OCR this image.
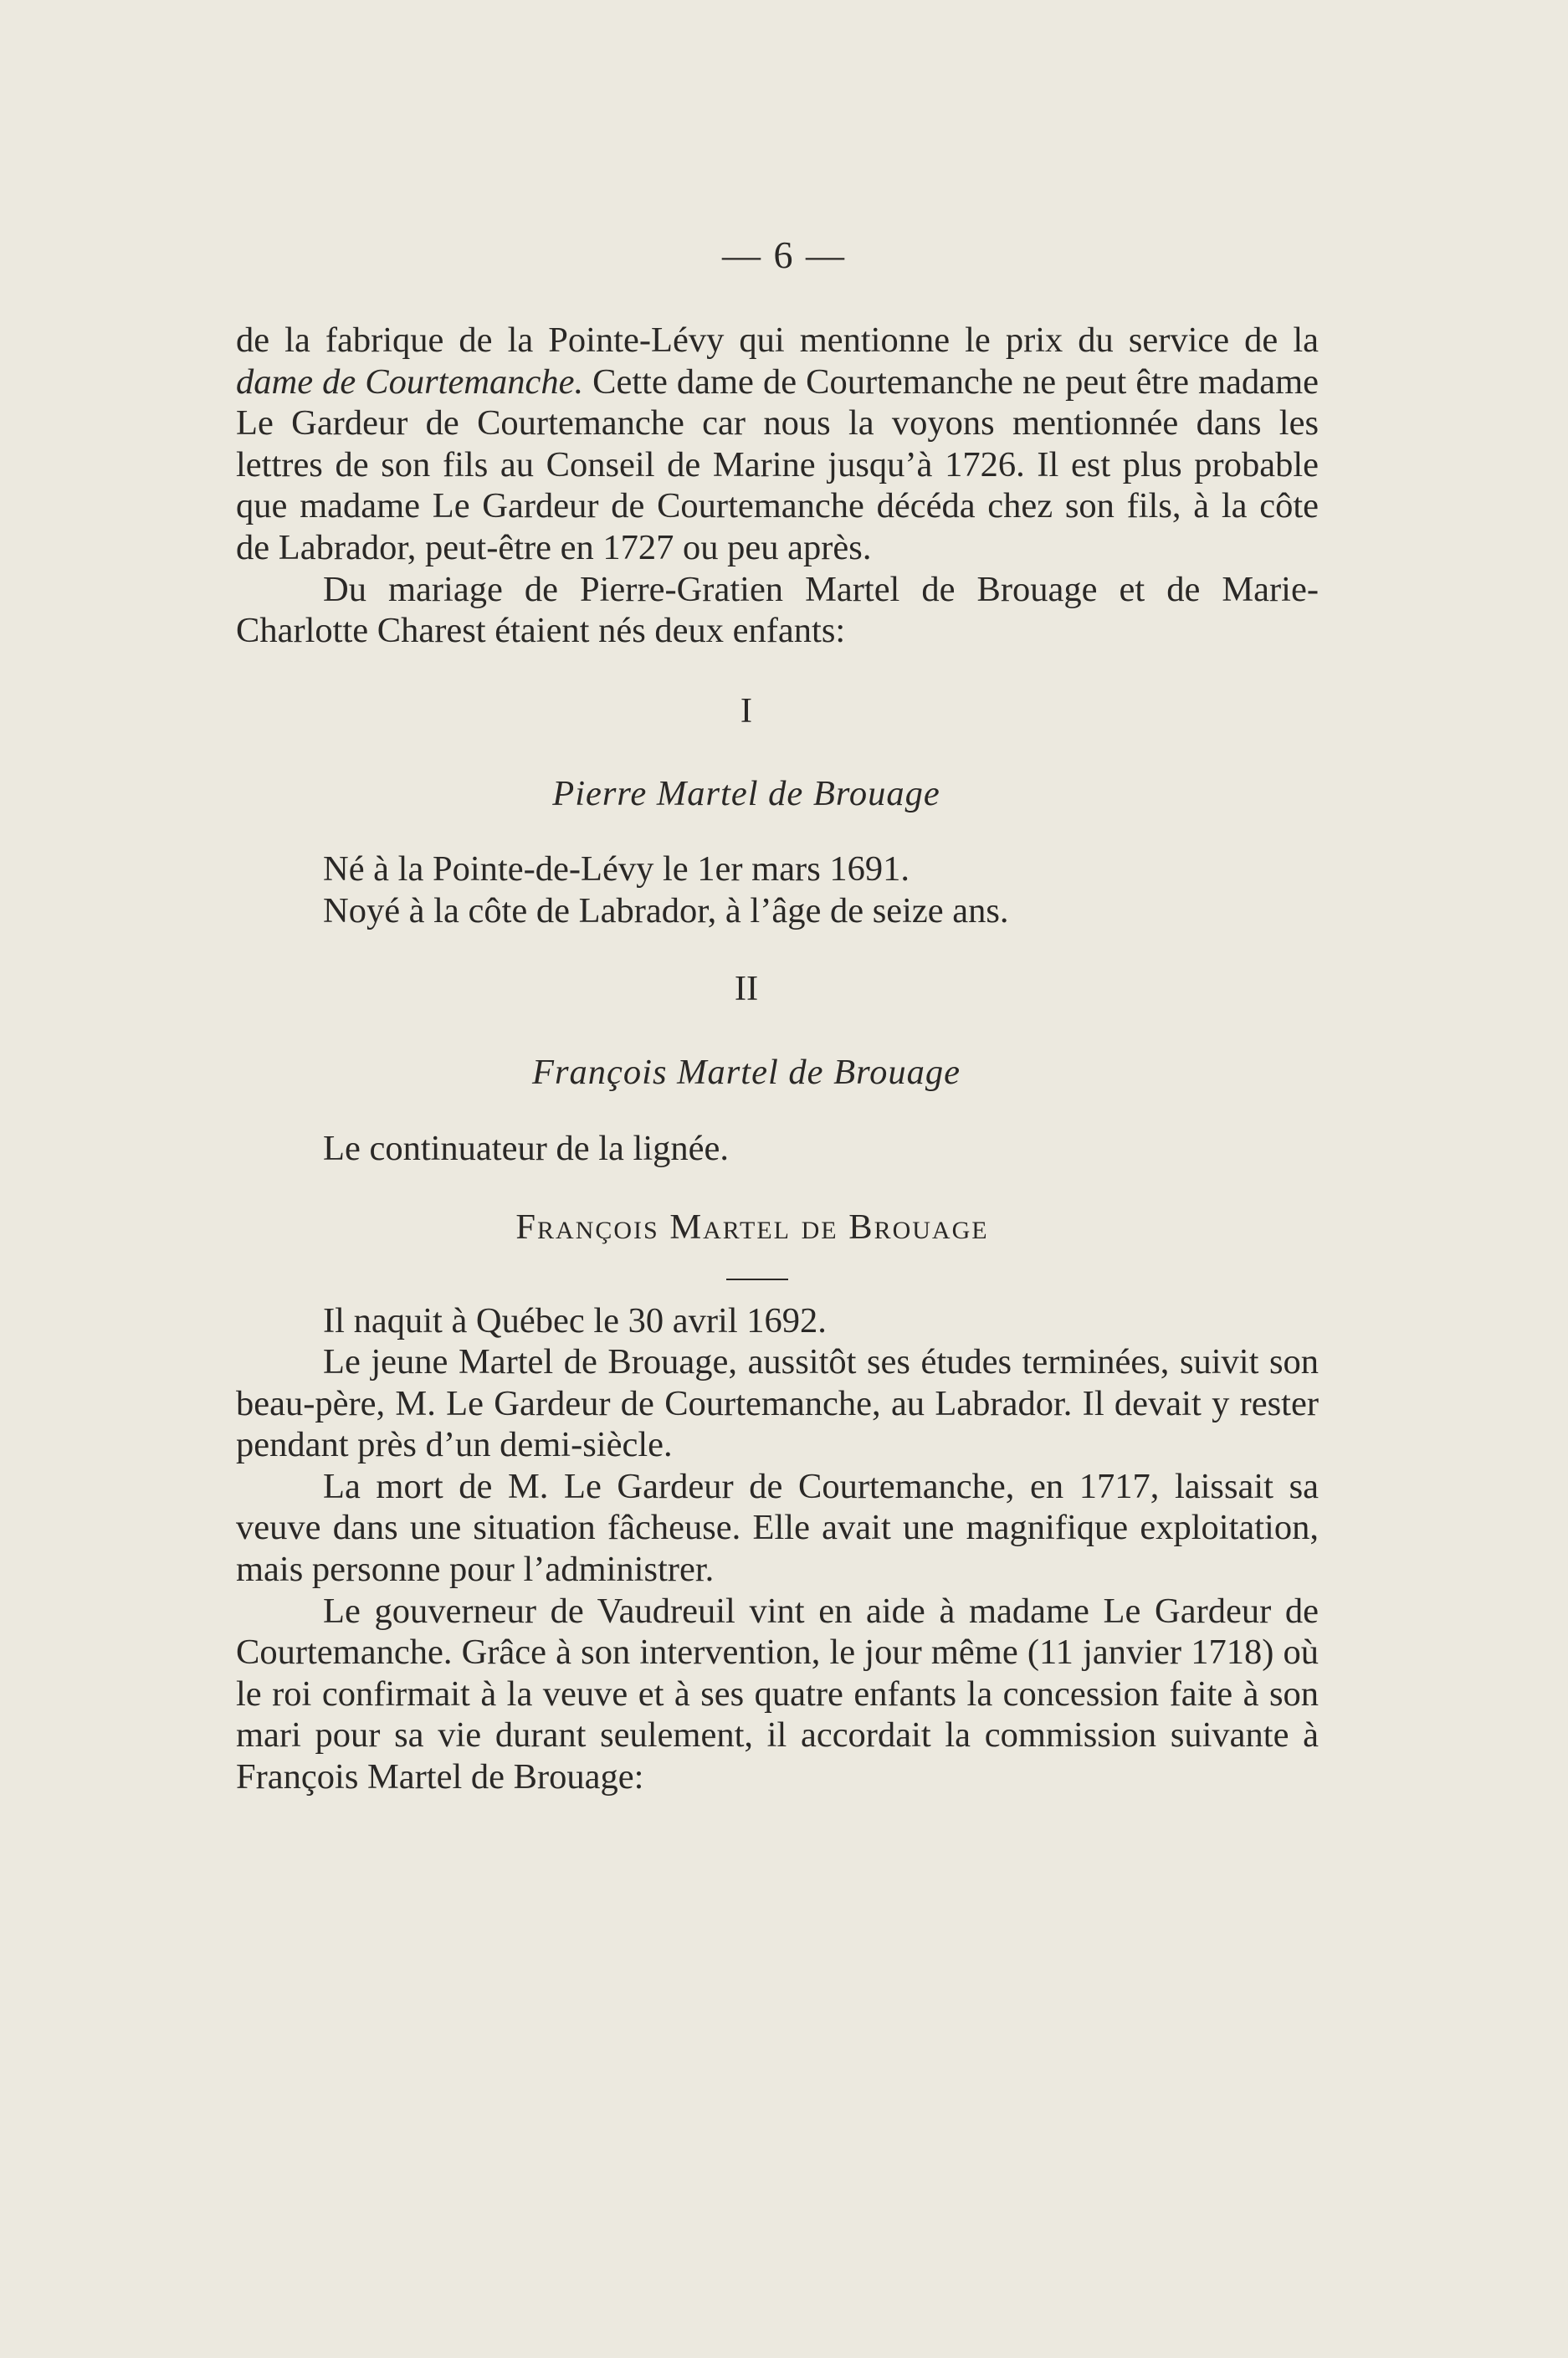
— 6 —

de la fabrique de la Pointe-Lévy qui mentionne le prix du service de la dame de Courtemanche. Cette dame de Courtemanche ne peut être madame Le Gardeur de Courtemanche car nous la voyons mentionnée dans les lettres de son fils au Conseil de Marine jusqu’à 1726. Il est plus probable que madame Le Gardeur de Courtemanche décéda chez son fils, à la côte de Labrador, peut-être en 1727 ou peu après.

Du mariage de Pierre-Gratien Martel de Brouage et de Marie-Charlotte Charest étaient nés deux enfants:

I

Pierre Martel de Brouage

Né à la Pointe-de-Lévy le 1er mars 1691.

Noyé à la côte de Labrador, à l’âge de seize ans.

II

François Martel de Brouage

Le continuateur de la lignée.

François Martel de Brouage

Il naquit à Québec le 30 avril 1692.

Le jeune Martel de Brouage, aussitôt ses études terminées, suivit son beau-père, M. Le Gardeur de Courtemanche, au Labrador. Il devait y rester pendant près d’un demi-siècle.

La mort de M. Le Gardeur de Courtemanche, en 1717, laissait sa veuve dans une situation fâcheuse. Elle avait une magnifique exploitation, mais personne pour l’administrer.

Le gouverneur de Vaudreuil vint en aide à madame Le Gardeur de Courtemanche. Grâce à son intervention, le jour même (11 janvier 1718) où le roi confirmait à la veuve et à ses quatre enfants la concession faite à son mari pour sa vie durant seulement, il accordait la commission suivante à François Martel de Brouage:
